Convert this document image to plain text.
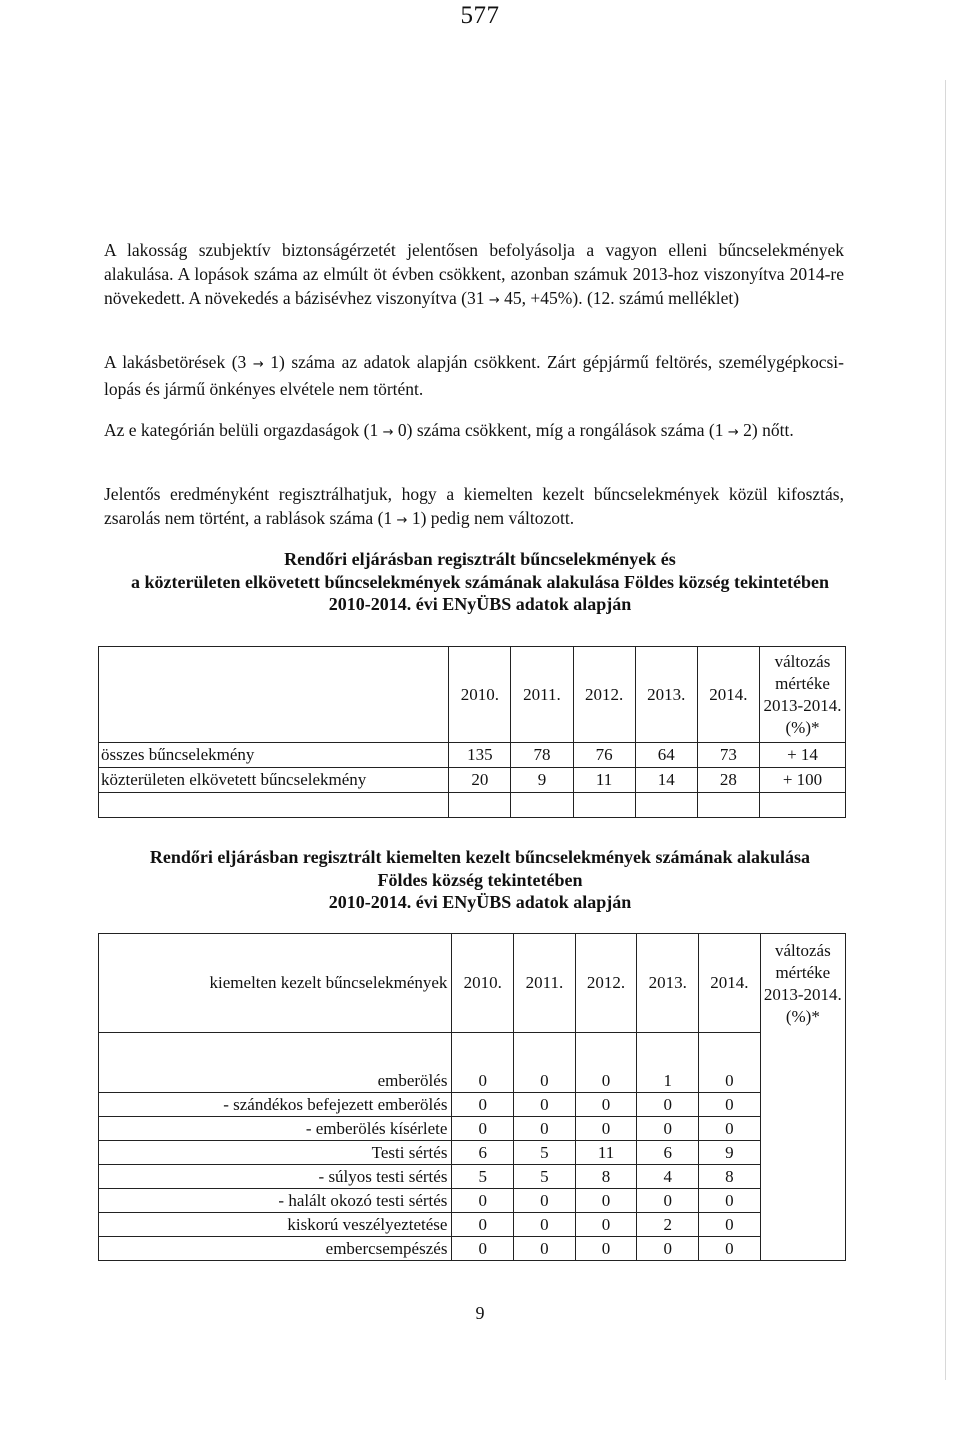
577

A lakosság szubjektív biztonságérzetét jelentősen befolyásolja a vagyon elleni bűncselekmények alakulása. A lopások száma az elmúlt öt évben csökkent, azonban számuk 2013-hoz viszonyítva 2014-re növekedett. A növekedés a bázisévhez viszonyítva (31 → 45, +45%). (12. számú melléklet)

A lakásbetörések (3 → 1) száma az adatok alapján csökkent. Zárt gépjármű feltörés, személygépkocsi-lopás és jármű önkényes elvétele nem történt.

Az e kategórián belüli orgazdaságok (1 → 0) száma csökkent, míg a rongálások száma (1 → 2) nőtt.

Jelentős eredményként regisztrálhatjuk, hogy a kiemelten kezelt bűncselekmények közül kifosztás, zsarolás nem történt, a rablások száma (1 → 1) pedig nem változott.

Rendőri eljárásban regisztrált bűncselekmények és
a közterületen elkövetett bűncselekmények számának alakulása Földes község tekintetében
2010-2014. évi ENyÜBS adatok alapján
	2010.	2011.	2012.	2013.	2014.	változás
mértéke
2013-2014.
(%)*

összes bűncselekmény	135	78	76	64	73	+ 14
közterületen elkövetett bűncselekmény	20	9	11	14	28	+ 100

Rendőri eljárásban regisztrált kiemelten kezelt bűncselekmények számának alakulása
Földes község tekintetében
2010-2014. évi ENyÜBS adatok alapján
kiemelten kezelt bűncselekmények	2010.	2011.	2012.	2013.	2014.	változás
mértéke
2013-2014.
(%)*

emberölés	0	0	0	1	0	
- szándékos befejezett emberölés	0	0	0	0	0	
- emberölés kísérlete	0	0	0	0	0	
Testi sértés	6	5	11	6	9	
- súlyos testi sértés	5	5	8	4	8	
- halált okozó testi sértés	0	0	0	0	0	
kiskorú veszélyeztetése	0	0	0	2	0	
embercsempészés	0	0	0	0	0	
9
